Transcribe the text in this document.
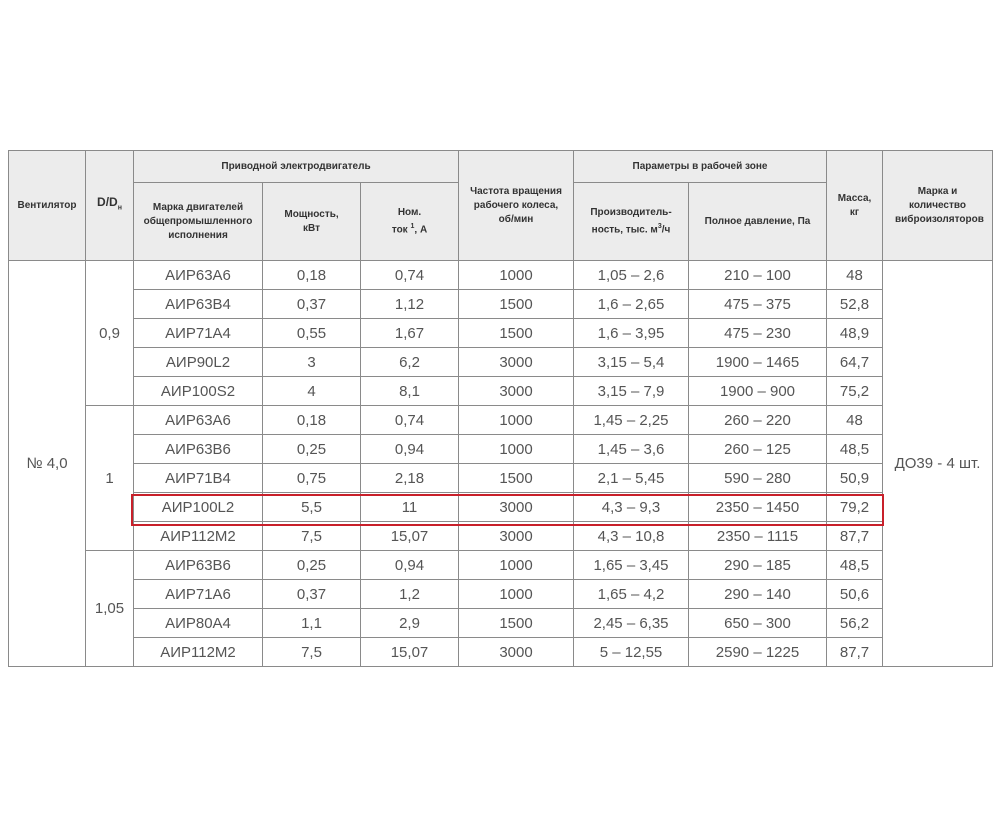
Вентилятор	$D/D_н$	Приводной электродвигатель			Частота вращения рабочего колеса, об/мин	Параметры в рабочей зоне		Масса, кг	Марка и количество виброизоляторов
		Марка двигателей общепромышленного исполнения	Мощность, кВт	Ном. ток $^1$, А		Производитель-ность, тыс. $м^3/ч$	Полное давление, Па		
№ 4,0	0,9	АИР63А6	0,18	0,74	1000	1,05 – 2,6	210 – 100	48	ДО39 - 4 шт.
		АИР63В4	0,37	1,12	1500	1,6 – 2,65	475 – 375	52,8	
		АИР71А4	0,55	1,67	1500	1,6 – 3,95	475 – 230	48,9	
		АИР90L2	3	6,2	3000	3,15 – 5,4	1900 – 1465	64,7	
		АИР100S2	4	8,1	3000	3,15 – 7,9	1900 – 900	75,2	
	1	АИР63А6	0,18	0,74	1000	1,45 – 2,25	260 – 220	48	
		АИР63В6	0,25	0,94	1000	1,45 – 3,6	260 – 125	48,5	
		АИР71В4	0,75	2,18	1500	2,1 – 5,45	590 – 280	50,9	
		АИР100L2	5,5	11	3000	4,3 – 9,3	2350 – 1450	79,2	
		АИР112М2	7,5	15,07	3000	4,3 – 10,8	2350 – 1115	87,7	
	1,05	АИР63В6	0,25	0,94	1000	1,65 – 3,45	290 – 185	48,5	
		АИР71А6	0,37	1,2	1000	1,65 – 4,2	290 – 140	50,6	
		АИР80А4	1,1	2,9	1500	2,45 – 6,35	650 – 300	56,2	
		АИР112М2	7,5	15,07	3000	5 – 12,55	2590 – 1225	87,7	
